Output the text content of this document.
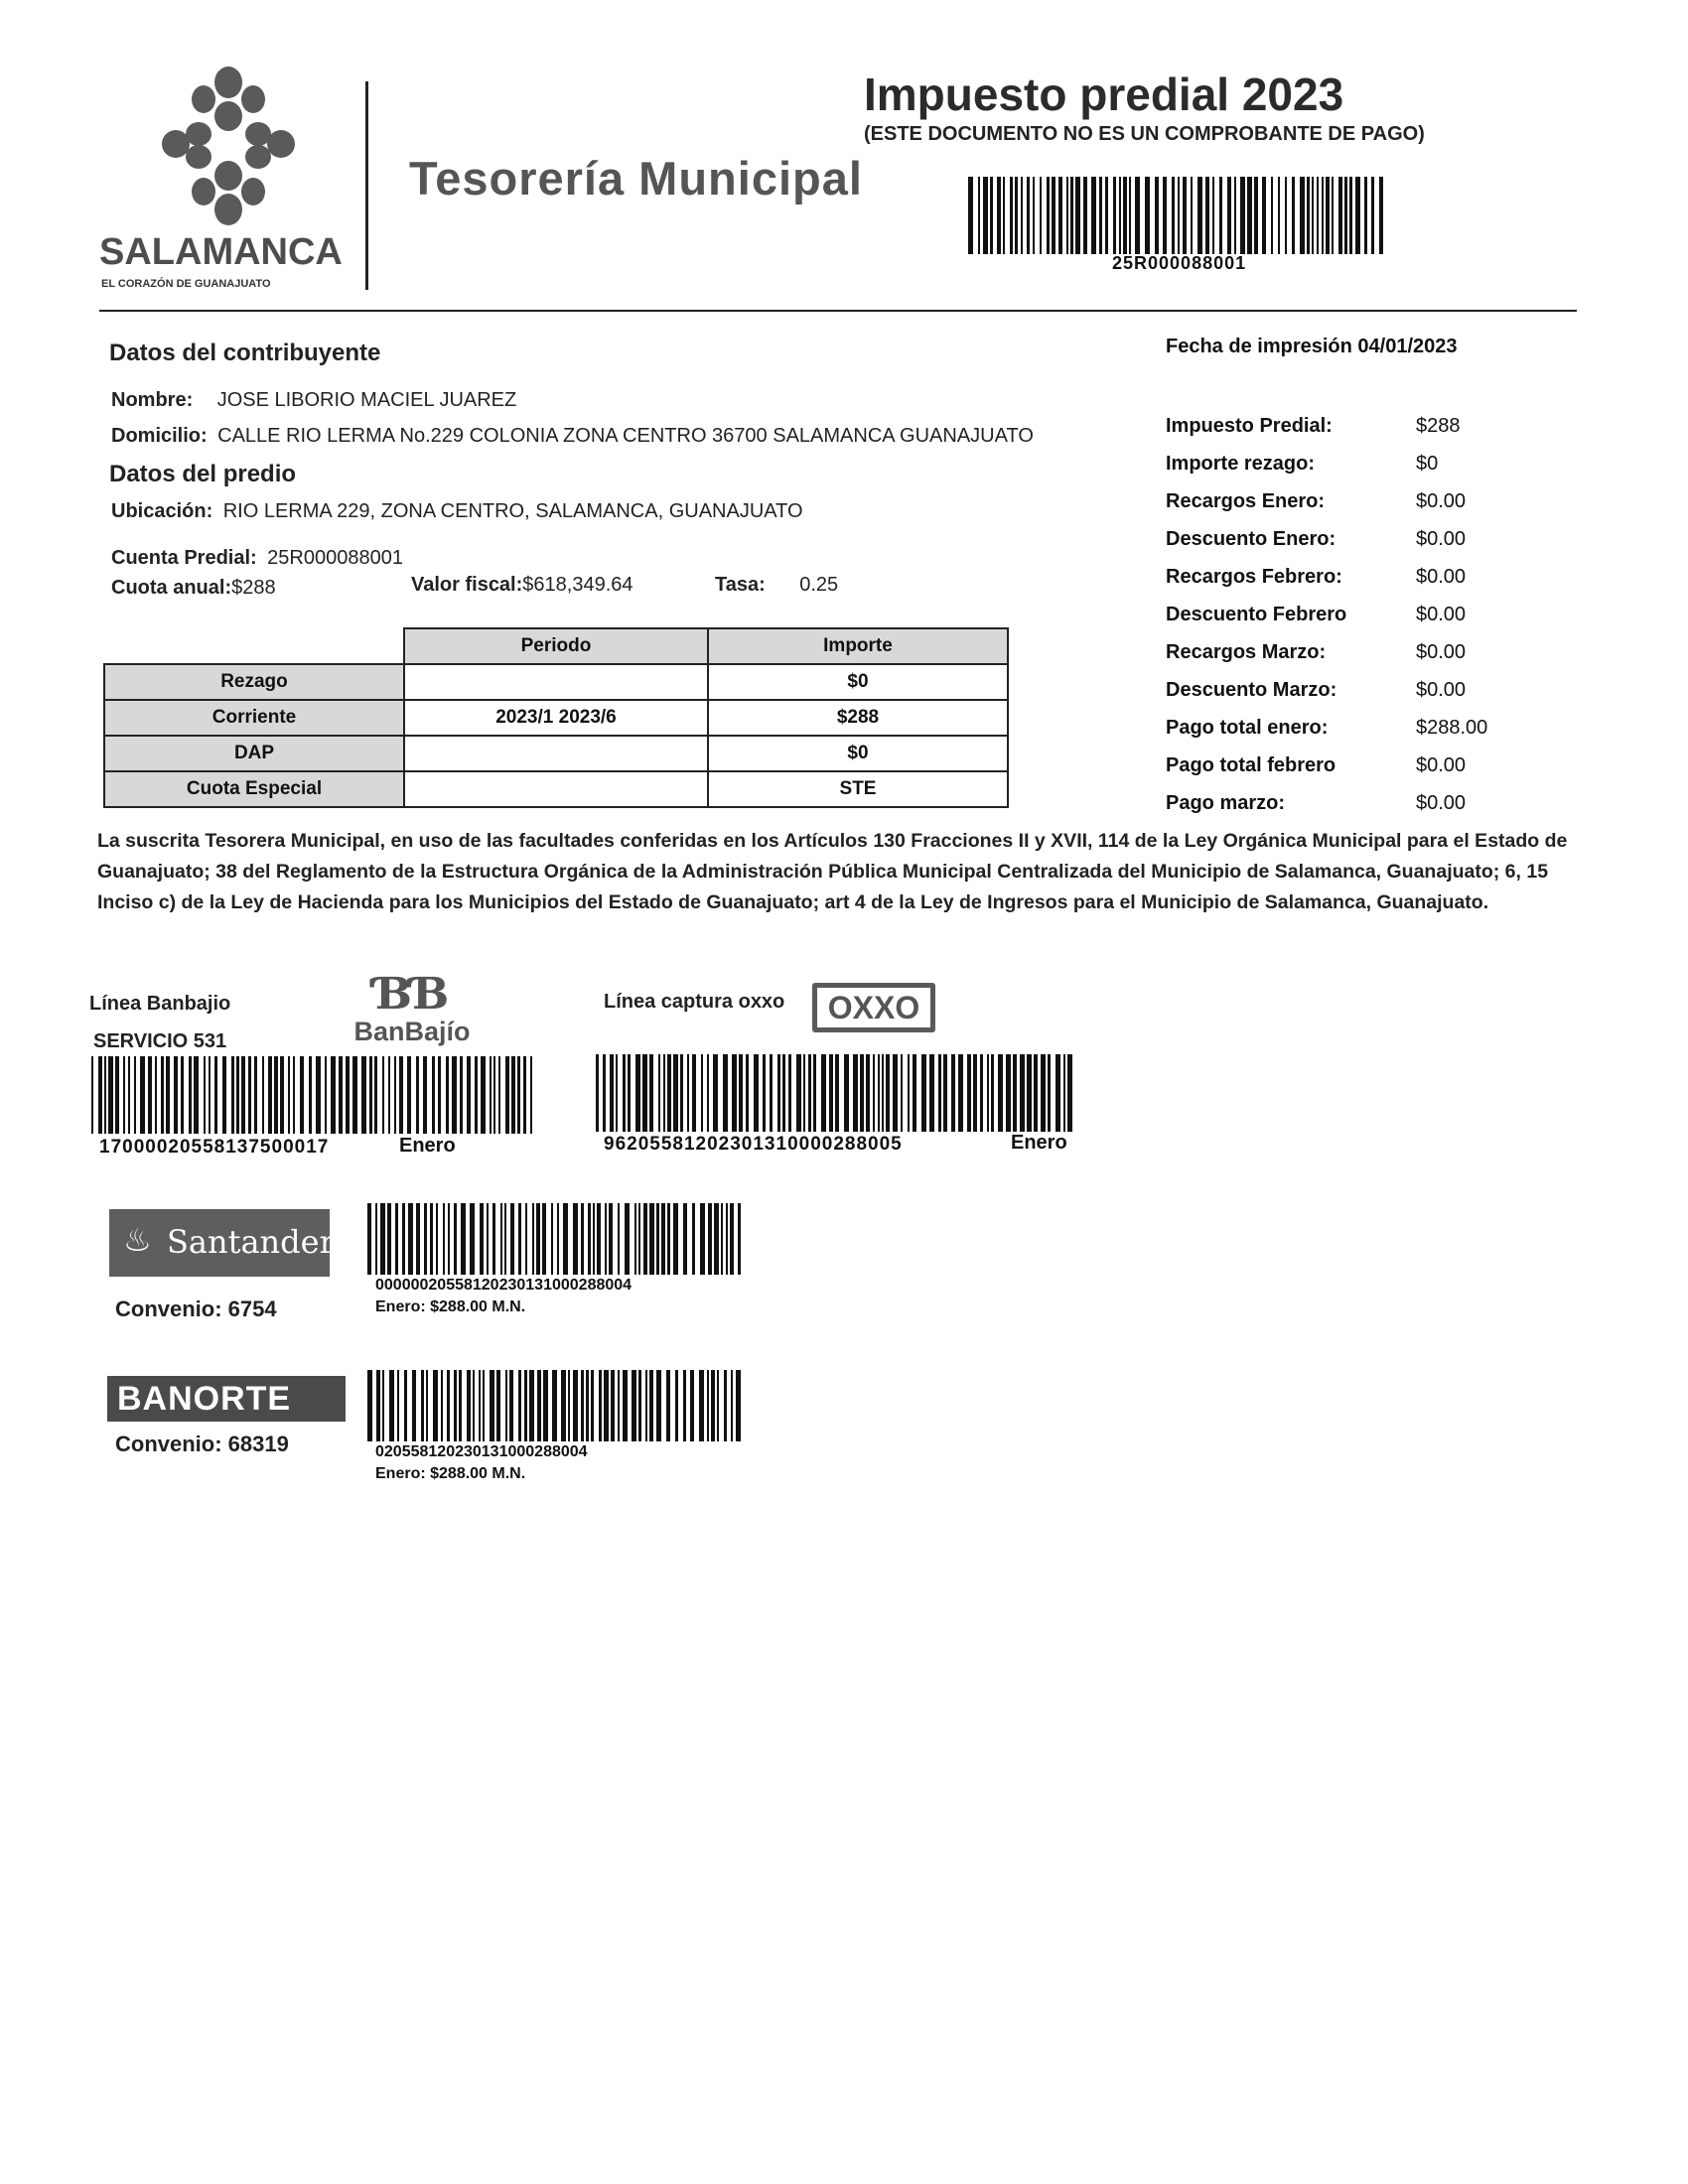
SALAMANCA
EL CORAZÓN DE GUANAJUATO
Tesorería Municipal
Impuesto predial 2023
(ESTE DOCUMENTO NO ES UN COMPROBANTE DE PAGO)
25R000088001
Datos del contribuyente
Nombre: JOSE LIBORIO MACIEL JUAREZ
Domicilio: CALLE RIO LERMA No.229 COLONIA ZONA CENTRO 36700 SALAMANCA GUANAJUATO
Datos del predio
Ubicación: RIO LERMA 229, ZONA CENTRO, SALAMANCA, GUANAJUATO
Cuenta Predial: 25R000088001
Cuota anual:$288	Valor fiscal:$618,349.64	Tasa: 0.25
	Periodo	Importe
Rezago		$0
Corriente	2023/1 2023/6	$288
DAP		$0
Cuota Especial		STE
Fecha de impresión 04/01/2023
Impuesto Predial:	$288
Importe rezago:	$0
Recargos Enero:	$0.00
Descuento Enero:	$0.00
Recargos Febrero:	$0.00
Descuento Febrero	$0.00
Recargos Marzo:	$0.00
Descuento Marzo:	$0.00
Pago total enero:	$288.00
Pago total febrero	$0.00
Pago marzo:	$0.00
La suscrita Tesorera Municipal, en uso de las facultades conferidas en los Artículos 130 Fracciones II y XVII, 114 de la Ley Orgánica Municipal para el Estado de Guanajuato; 38 del Reglamento de la Estructura Orgánica de la Administración Pública Municipal Centralizada del Municipio de Salamanca, Guanajuato; 6, 15 Inciso c) de la Ley de Hacienda para los Municipios del Estado de Guanajuato; art 4 de la Ley de Ingresos para el Municipio de Salamanca, Guanajuato.
Línea Banbajio
SERVICIO 531
ƁƁ
BanBajío
17000020558137500017	Enero
Línea captura oxxo	OXXO
96205581202301310000288005	Enero
♨ Santander
Convenio: 6754
00000020558120230131000288004
Enero: $288.00 M.N.
BANORTE
Convenio: 68319	020558120230131000288004
Enero: $288.00 M.N.
